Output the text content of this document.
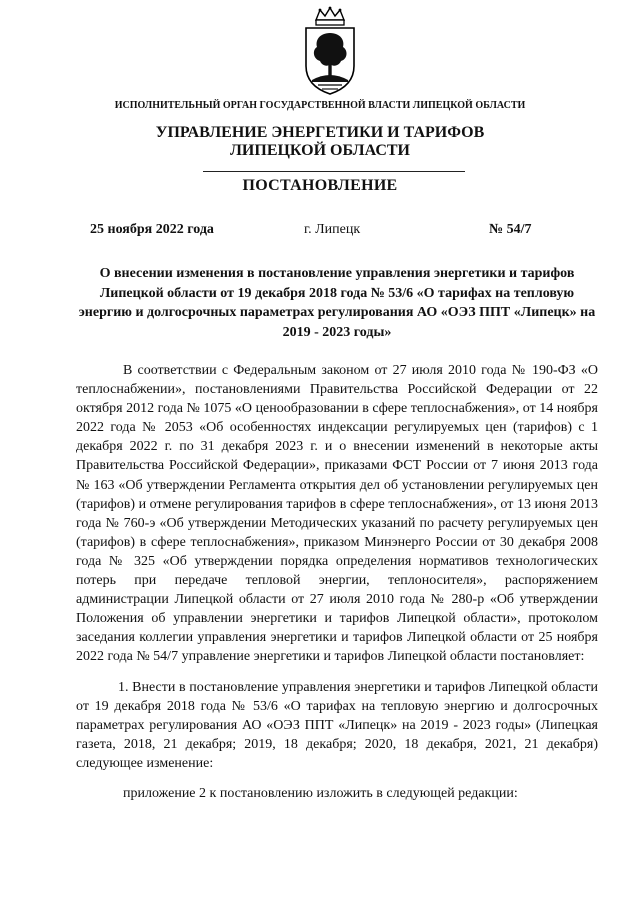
ИСПОЛНИТЕЛЬНЫЙ ОРГАН ГОСУДАРСТВЕННОЙ ВЛАСТИ ЛИПЕЦКОЙ ОБЛАСТИ
УПРАВЛЕНИЕ ЭНЕРГЕТИКИ И ТАРИФОВ
ЛИПЕЦКОЙ ОБЛАСТИ
ПОСТАНОВЛЕНИЕ
25 ноября 2022 года	г. Липецк	№ 54/7
О внесении изменения в постановление управления энергетики и тарифов Липецкой области от 19 декабря 2018 года № 53/6 «О тарифах на тепловую энергию и долгосрочных параметрах регулирования АО «ОЭЗ ППТ «Липецк» на 2019 - 2023 годы»

В соответствии с Федеральным законом от 27 июля 2010 года № 190-ФЗ «О теплоснабжении», постановлениями Правительства Российской Федерации от 22 октября 2012 года № 1075 «О ценообразовании в сфере теплоснабжения», от 14 ноября 2022 года № 2053 «Об особенностях индексации регулируемых цен (тарифов) с 1 декабря 2022 г. по 31 декабря 2023 г. и о внесении изменений в некоторые акты Правительства Российской Федерации», приказами ФСТ России от 7 июня 2013 года № 163 «Об утверждении Регламента открытия дел об установлении регулируемых цен (тарифов) и отмене регулирования тарифов в сфере теплоснабжения», от 13 июня 2013 года № 760-э «Об утверждении Методических указаний по расчету регулируемых цен (тарифов) в сфере теплоснабжения», приказом Минэнерго России от 30 декабря 2008 года № 325 «Об утверждении порядка определения нормативов технологических потерь при передаче тепловой энергии, теплоносителя», распоряжением администрации Липецкой области от 27 июля 2010 года № 280-р «Об утверждении Положения об управлении энергетики и тарифов Липецкой области», протоколом заседания коллегии управления энергетики и тарифов Липецкой области от 25 ноября 2022 года № 54/7 управление энергетики и тарифов Липецкой области постановляет:

1. Внести в постановление управления энергетики и тарифов Липецкой области от 19 декабря 2018 года № 53/6 «О тарифах на тепловую энергию и долгосрочных параметрах регулирования АО «ОЭЗ ППТ «Липецк» на 2019 - 2023 годы» (Липецкая газета, 2018, 21 декабря; 2019, 18 декабря; 2020, 18 декабря, 2021, 21 декабря) следующее изменение:

приложение 2 к постановлению изложить в следующей редакции:
